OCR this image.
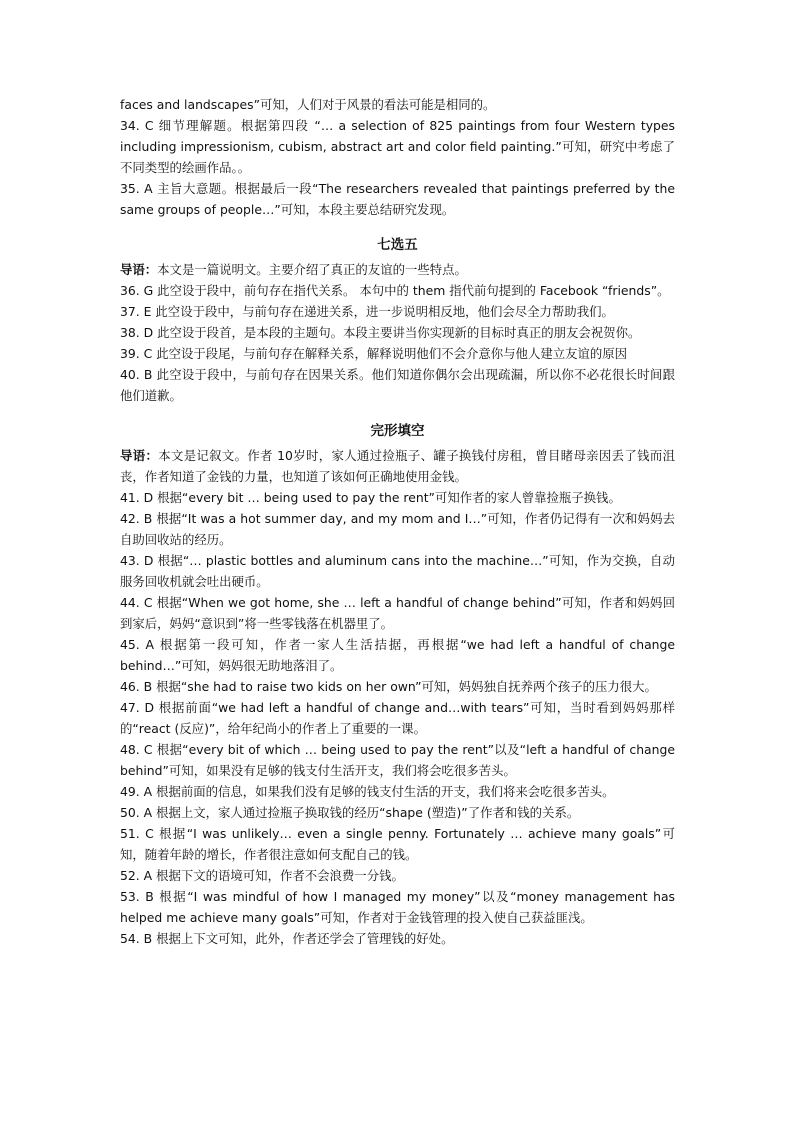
faces and landscapes”可知，人们对于风景的看法可能是相同的。

34. C 细节理解题。根据第四段 “… a selection of 825 paintings from four Western types including impressionism, cubism, abstract art and color field painting.”可知，研究中考虑了不同类型的绘画作品。。

35. A 主旨大意题。根据最后一段“The researchers revealed that paintings preferred by the same groups of people…”可知，本段主要总结研究发现。

七选五

导语：本文是一篇说明文。主要介绍了真正的友谊的一些特点。

36. G 此空设于段中，前句存在指代关系。 本句中的 them 指代前句提到的 Facebook “friends”。

37. E 此空设于段中，与前句存在递进关系，进一步说明相反地，他们会尽全力帮助我们。

38. D 此空设于段首，是本段的主题句。本段主要讲当你实现新的目标时真正的朋友会祝贺你。

39. C 此空设于段尾，与前句存在解释关系，解释说明他们不会介意你与他人建立友谊的原因

40. B 此空设于段中，与前句存在因果关系。他们知道你偶尔会出现疏漏，所以你不必花很长时间跟他们道歉。

完形填空

导语：本文是记叙文。作者 10岁时，家人通过捡瓶子、罐子换钱付房租，曾目睹母亲因丢了钱而沮丧，作者知道了金钱的力量，也知道了该如何正确地使用金钱。

41. D 根据“every bit … being used to pay the rent”可知作者的家人曾靠捡瓶子换钱。

42. B 根据“It was a hot summer day, and my mom and I…”可知，作者仍记得有一次和妈妈去自助回收站的经历。

43. D 根据“… plastic bottles and aluminum cans into the machine…”可知，作为交换，自动服务回收机就会吐出硬币。

44. C 根据“When we got home, she … left a handful of change behind”可知，作者和妈妈回到家后，妈妈“意识到”将一些零钱落在机器里了。

45. A 根据第一段可知，作者一家人生活拮据，再根据“we had left a handful of change behind…”可知，妈妈很无助地落泪了。

46. B 根据“she had to raise two kids on her own”可知，妈妈独自抚养两个孩子的压力很大。

47. D 根据前面“we had left a handful of change and…with tears”可知，当时看到妈妈那样的“react (反应)”，给年纪尚小的作者上了重要的一课。

48. C 根据“every bit of which … being used to pay the rent”以及“left a handful of change behind”可知，如果没有足够的钱支付生活开支，我们将会吃很多苦头。

49. A 根据前面的信息，如果我们没有足够的钱支付生活的开支，我们将来会吃很多苦头。

50. A 根据上文，家人通过捡瓶子换取钱的经历“shape (塑造)”了作者和钱的关系。

51. C 根据“I was unlikely… even a single penny. Fortunately … achieve many goals”可知，随着年龄的增长，作者很注意如何支配自己的钱。

52. A 根据下文的语境可知，作者不会浪费一分钱。

53. B 根据“I was mindful of how I managed my money”以及“money management has helped me achieve many goals”可知，作者对于金钱管理的投入使自己获益匪浅。

54. B 根据上下文可知，此外，作者还学会了管理钱的好处。
